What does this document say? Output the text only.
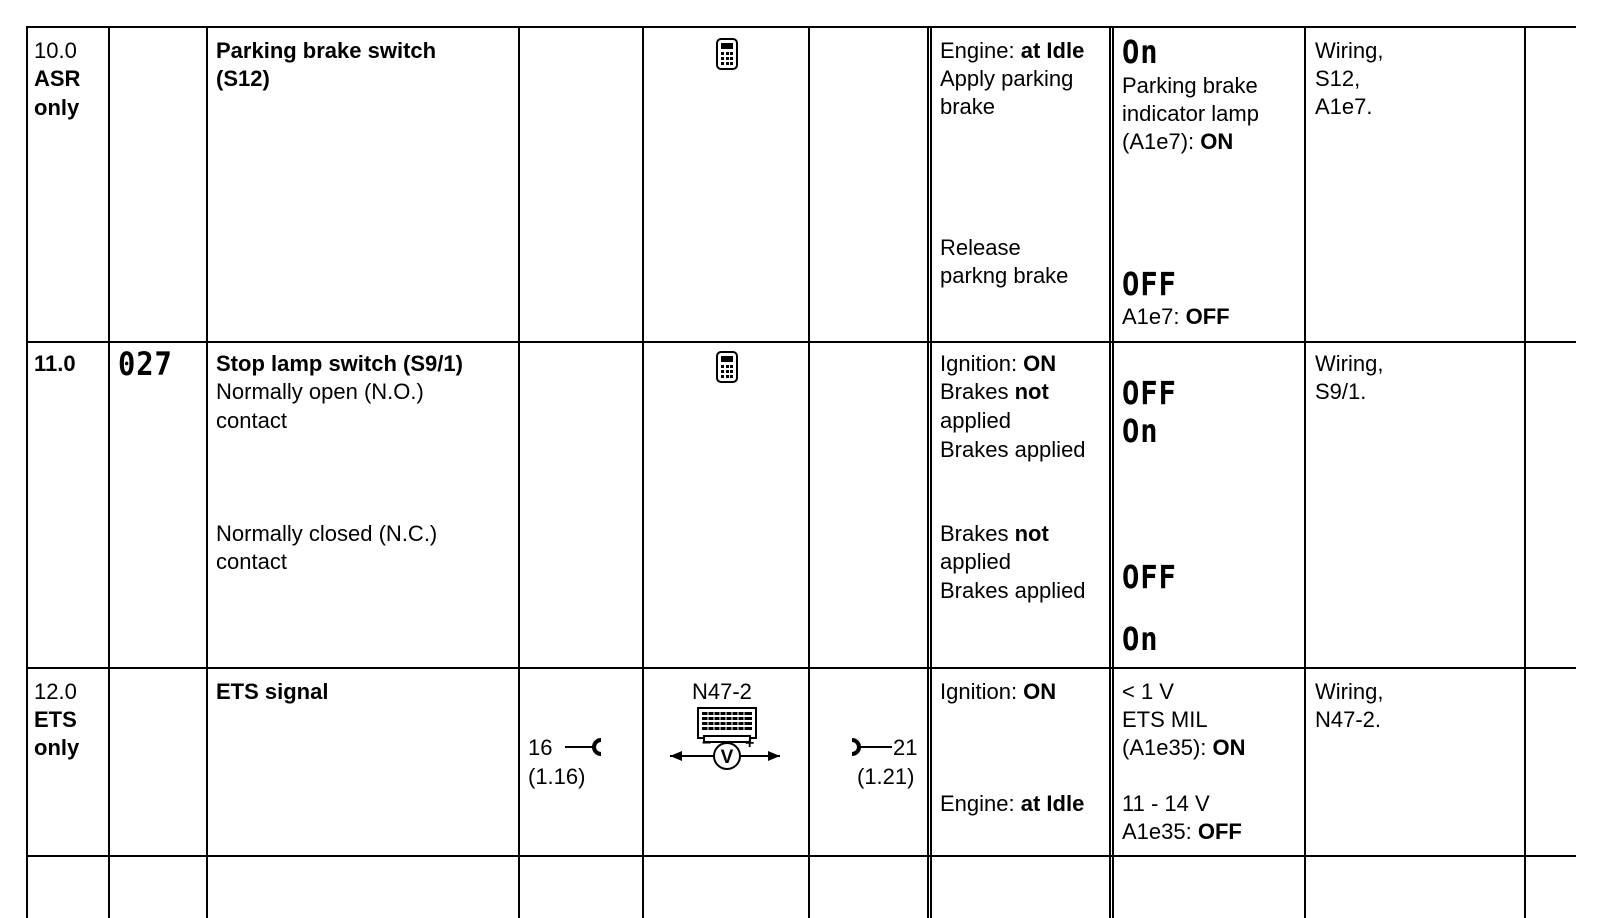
10.0
ASR
only
Parking brake switch
(S12)
Engine: at Idle
Apply parking
brake
Release
parkng brake
On
Parking brake
indicator lamp
(A1e7): ON
OFF
A1e7: OFF
Wiring,
S12,
A1e7.
11.0 027 Stop lamp switch (S9/1)
Normally open (N.O.)
contact
Normally closed (N.C.)
contact
Ignition: ON
Brakes not
applied
Brakes applied
Brakes not
applied
Brakes applied
OFF
On
OFF
On
Wiring,
S9/1.
12.0
ETS
only
ETS signal
16
(1.16)
N47-2
V
− +	21
(1.21)
Ignition: ON
Engine: at Idle
< 1 V
ETS MIL
(A1e35): ON
11 - 14 V
A1e35: OFF
Wiring,
N47-2.
